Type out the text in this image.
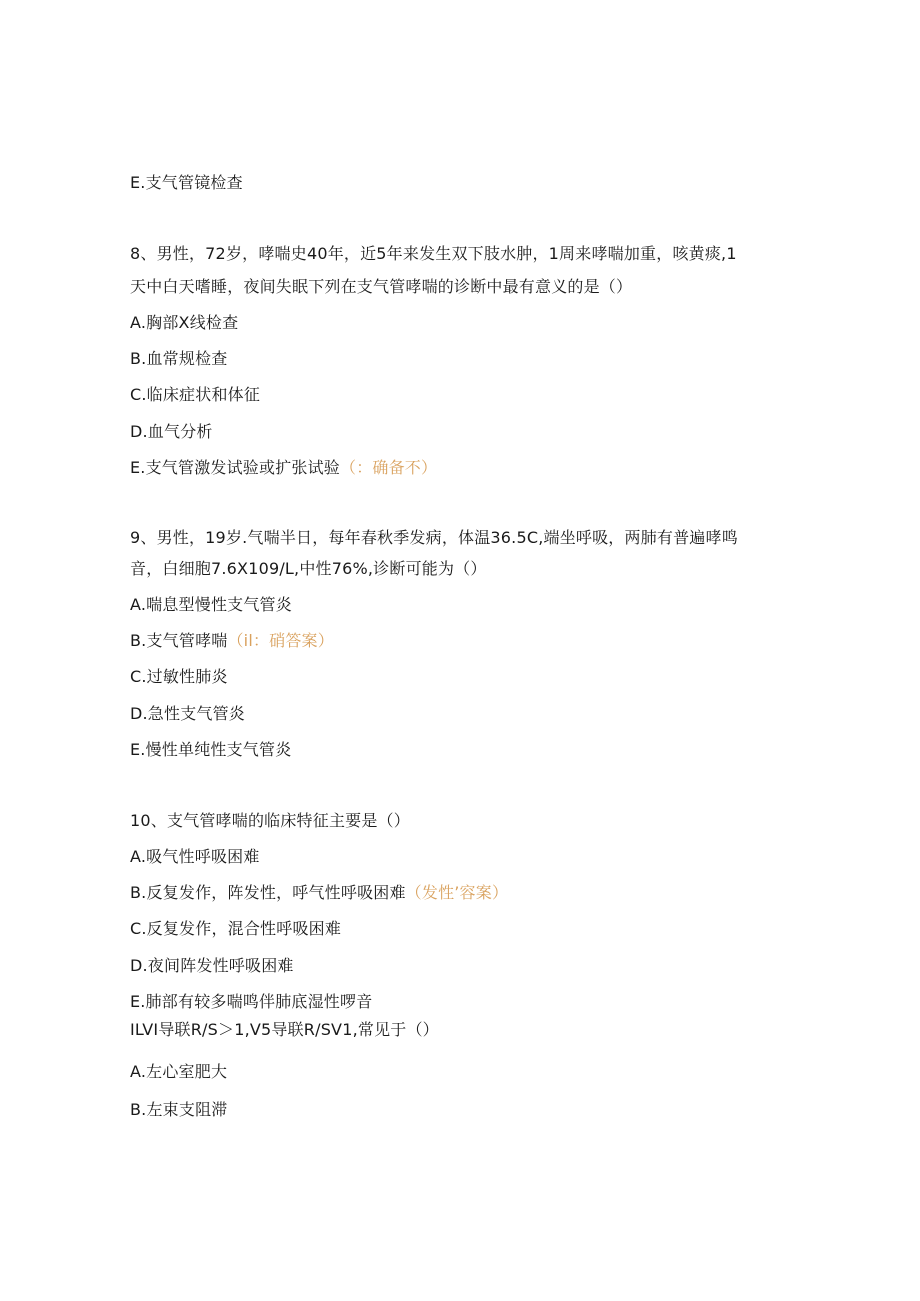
E.支气管镜检查
8、男性，72岁，哮喘史40年，近5年来发生双下肢水肿，1周来哮喘加重，咳黄痰,1
天中白天嗜睡，夜间失眠下列在支气管哮喘的诊断中最有意义的是（）
A.胸部X线检查
B.血常规检查
C.临床症状和体征
D.血气分析
E.支气管激发试验或扩张试验（：确备不）
9、男性，19岁.气喘半日，每年春秋季发病，体温36.5C,端坐呼吸，两肺有普遍哮鸣
音，白细胞7.6X109/L,中性76%,诊断可能为（）
A.喘息型慢性支气管炎
B.支气管哮喘（il：硝答案）
C.过敏性肺炎
D.急性支气管炎
E.慢性单纯性支气管炎
10、支气管哮喘的临床特征主要是（）
A.吸气性呼吸困难
B.反复发作，阵发性，呼气性呼吸困难（发性’容案）
C.反复发作，混合性呼吸困难
D.夜间阵发性呼吸困难
E.肺部有较多喘鸣伴肺底湿性啰音
ILVI导联R/S＞1,V5导联R/SV1,常见于（）
A.左心室肥大
B.左束支阻滞
